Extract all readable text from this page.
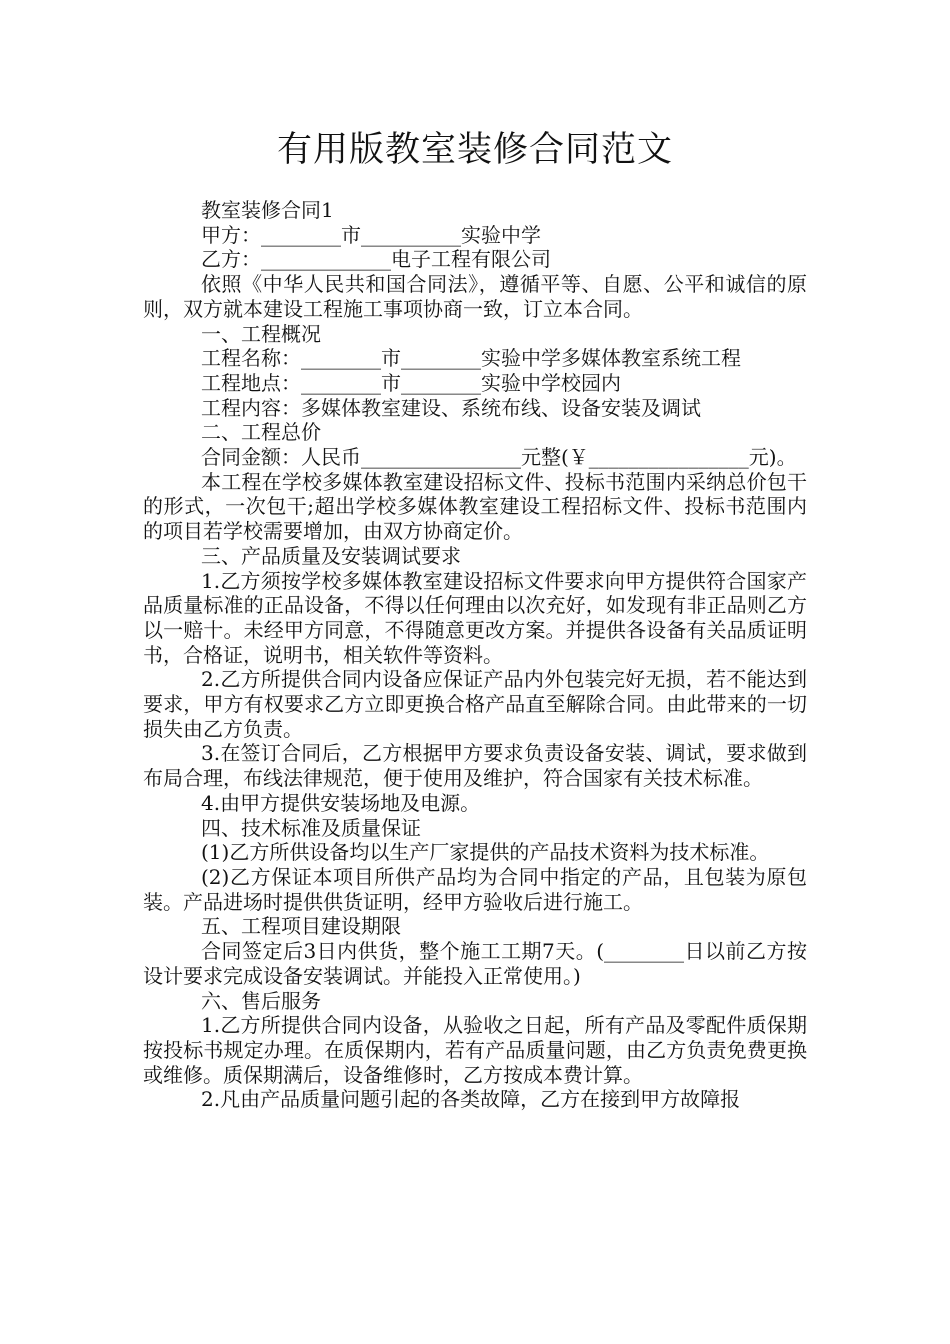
有用版教室装修合同范文
教室装修合同1
甲方：________市__________实验中学
乙方：_____________电子工程有限公司
依照《中华人民共和国合同法》，遵循平等、自愿、公平和诚信的原则，双方就本建设工程施工事项协商一致，订立本合同。
一、工程概况
工程名称：________市________实验中学多媒体教室系统工程
工程地点：________市________实验中学校园内
工程内容：多媒体教室建设、系统布线、设备安装及调试
二、工程总价
合同金额：人民币________________元整(￥________________元)。
本工程在学校多媒体教室建设招标文件、投标书范围内采纳总价包干的形式，一次包干;超出学校多媒体教室建设工程招标文件、投标书范围内的项目若学校需要增加，由双方协商定价。
三、产品质量及安装调试要求
1.乙方须按学校多媒体教室建设招标文件要求向甲方提供符合国家产品质量标准的正品设备，不得以任何理由以次充好，如发现有非正品则乙方以一赔十。未经甲方同意，不得随意更改方案。并提供各设备有关品质证明书，合格证，说明书，相关软件等资料。
2.乙方所提供合同内设备应保证产品内外包装完好无损，若不能达到要求，甲方有权要求乙方立即更换合格产品直至解除合同。由此带来的一切损失由乙方负责。
3.在签订合同后，乙方根据甲方要求负责设备安装、调试，要求做到布局合理，布线法律规范，便于使用及维护，符合国家有关技术标准。
4.由甲方提供安装场地及电源。
四、技术标准及质量保证
(1)乙方所供设备均以生产厂家提供的产品技术资料为技术标准。
(2)乙方保证本项目所供产品均为合同中指定的产品，且包装为原包装。产品进场时提供供货证明，经甲方验收后进行施工。
五、工程项目建设期限
合同签定后3日内供货，整个施工工期7天。(________日以前乙方按设计要求完成设备安装调试。并能投入正常使用。)
六、售后服务
1.乙方所提供合同内设备，从验收之日起，所有产品及零配件质保期按投标书规定办理。在质保期内，若有产品质量问题，由乙方负责免费更换或维修。质保期满后，设备维修时，乙方按成本费计算。
2.凡由产品质量问题引起的各类故障，乙方在接到甲方故障报
